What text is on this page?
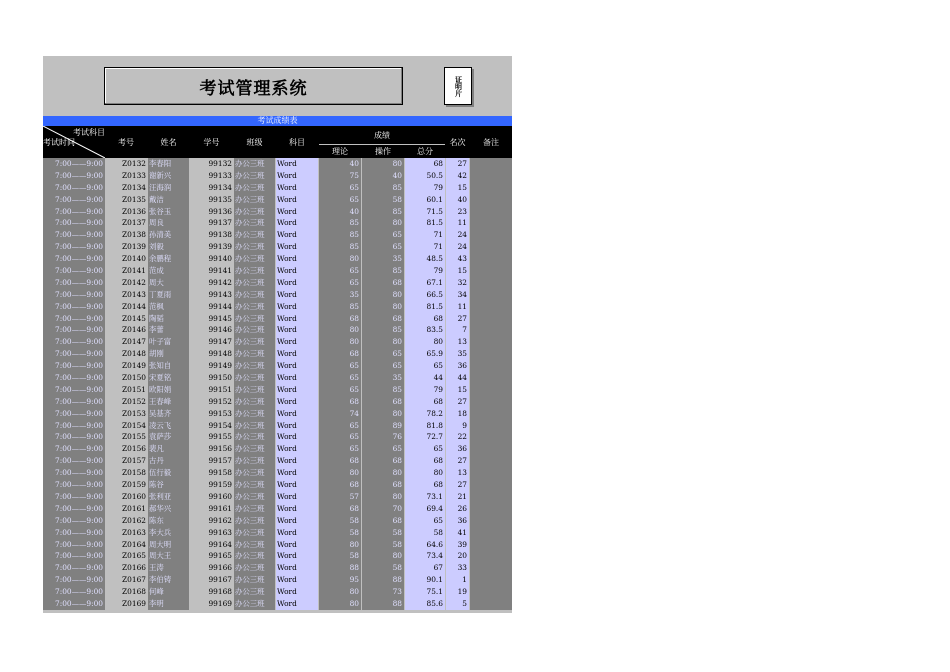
考试管理系统	证明片
考试成绩表
考试科目
考试时间	考号	姓名	学号	班级	科目
成绩
理论	操作	总分
名次	备注
7:00——9:00	Z0132 李春阳	99132 办公三班	Word	40	80	68	27
7:00——9:00	Z0133 谢新兴	99133 办公三班	Word	75	40	50.5	42
7:00——9:00	Z0134 汪海润	99134 办公三班	Word	65	85	79	15
7:00——9:00	Z0135 戴洁	99135 办公三班	Word	65	58	60.1	40
7:00——9:00	Z0136 张谷玉	99136 办公三班	Word	40	85	71.5	23
7:00——9:00	Z0137 周良	99137 办公三班	Word	85	80	81.5	11
7:00——9:00	Z0138 孙清美	99138 办公三班	Word	85	65	71	24
7:00——9:00	Z0139 刘毅	99139 办公三班	Word	85	65	71	24
7:00——9:00	Z0140 余鹏程	99140 办公三班	Word	80	35	48.5	43
7:00——9:00	Z0141 范成	99141 办公三班	Word	65	85	79	15
7:00——9:00	Z0142 周大	99142 办公三班	Word	65	68	67.1	32
7:00——9:00	Z0143 丁夏雨	99143 办公三班	Word	35	80	66.5	34
7:00——9:00	Z0144 范枫	99144 办公三班	Word	85	80	81.5	11
7:00——9:00	Z0145 陶韬	99145 办公三班	Word	68	68	68	27
7:00——9:00	Z0146 李蕾	99146 办公三班	Word	80	85	83.5	7
7:00——9:00	Z0147 叶子富	99147 办公三班	Word	80	80	80	13
7:00——9:00	Z0148 胡刚	99148 办公三班	Word	68	65	65.9	35
7:00——9:00	Z0149 张知自	99149 办公三班	Word	65	65	65	36
7:00——9:00	Z0150 宋夏铭	99150 办公三班	Word	65	35	44	44
7:00——9:00	Z0151 欧阳娟	99151 办公三班	Word	65	85	79	15
7:00——9:00	Z0152 王春峰	99152 办公三班	Word	68	68	68	27
7:00——9:00	Z0153 吴基齐	99153 办公三班	Word	74	80	78.2	18
7:00——9:00	Z0154 凌云飞	99154 办公三班	Word	65	89	81.8	9
7:00——9:00	Z0155 袁萨莎	99155 办公三班	Word	65	76	72.7	22
7:00——9:00	Z0156 裴凡	99156 办公三班	Word	65	65	65	36
7:00——9:00	Z0157 古丹	99157 办公三班	Word	68	68	68	27
7:00——9:00	Z0158 伍行毅	99158 办公三班	Word	80	80	80	13
7:00——9:00	Z0159 陈谷	99159 办公三班	Word	68	68	68	27
7:00——9:00	Z0160 张利亚	99160 办公三班	Word	57	80	73.1	21
7:00——9:00	Z0161 郝华兴	99161 办公三班	Word	68	70	69.4	26
7:00——9:00	Z0162 陈东	99162 办公三班	Word	58	68	65	36
7:00——9:00	Z0163 李大兵	99163 办公三班	Word	58	58	58	41
7:00——9:00	Z0164 周大明	99164 办公三班	Word	80	58	64.6	39
7:00——9:00	Z0165 周大王	99165 办公三班	Word	58	80	73.4	20
7:00——9:00	Z0166 王涛	99166 办公三班	Word	88	58	67	33
7:00——9:00	Z0167 李伯铸	99167 办公三班	Word	95	88	90.1	1
7:00——9:00	Z0168 何峰	99168 办公三班	Word	80	73	75.1	19
7:00——9:00	Z0169 李明	99169 办公三班	Word	80	88	85.6	5
